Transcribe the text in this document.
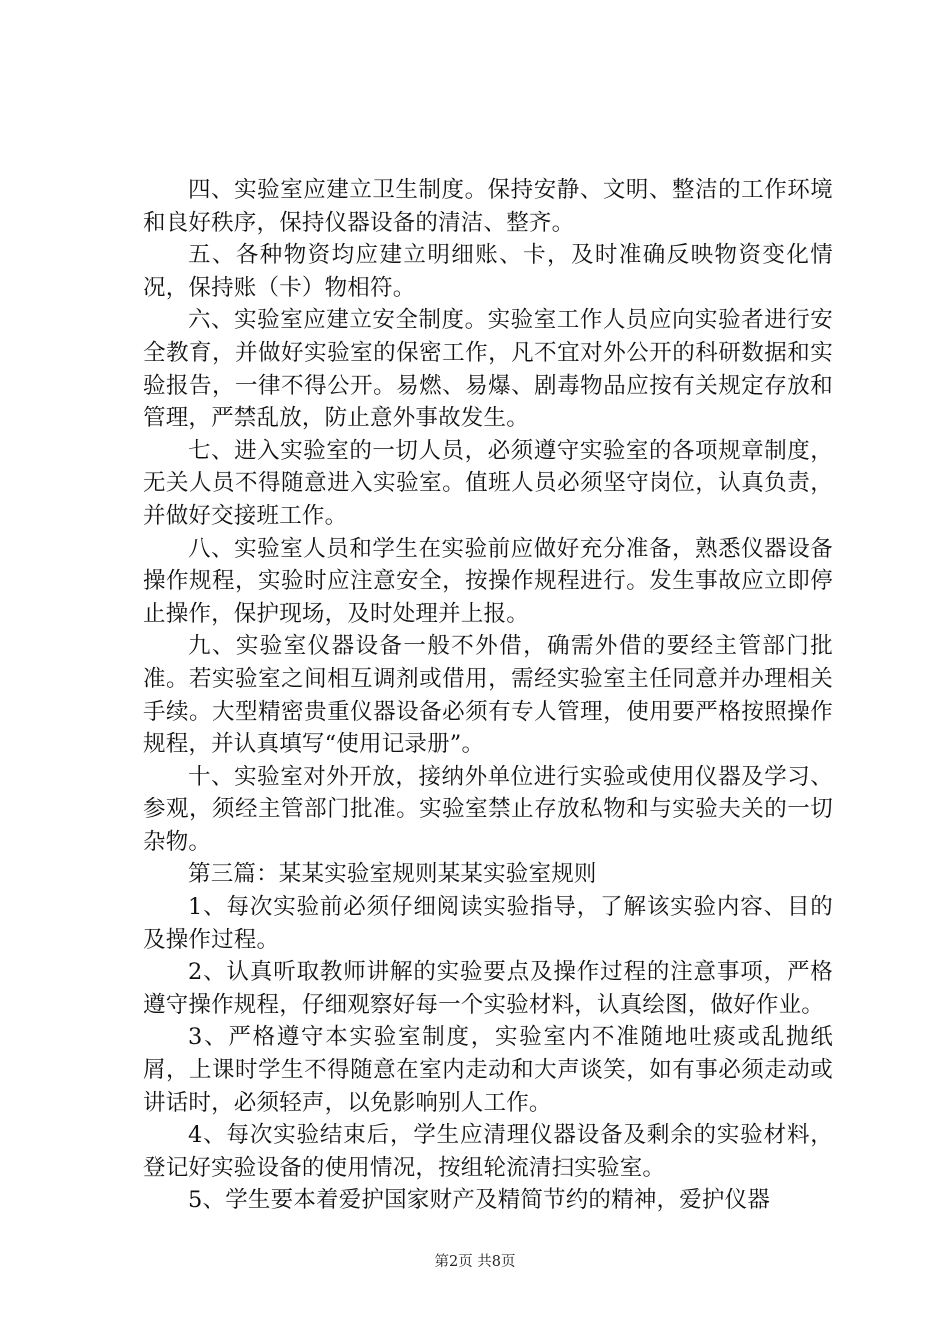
四、实验室应建立卫生制度。保持安静、文明、整洁的工作环境和良好秩序，保持仪器设备的清洁、整齐。

五、各种物资均应建立明细账、卡，及时准确反映物资变化情况，保持账（卡）物相符。

六、实验室应建立安全制度。实验室工作人员应向实验者进行安全教育，并做好实验室的保密工作，凡不宜对外公开的科研数据和实验报告，一律不得公开。易燃、易爆、剧毒物品应按有关规定存放和管理，严禁乱放，防止意外事故发生。

七、进入实验室的一切人员，必须遵守实验室的各项规章制度，无关人员不得随意进入实验室。值班人员必须坚守岗位，认真负责，并做好交接班工作。

八、实验室人员和学生在实验前应做好充分准备，熟悉仪器设备操作规程，实验时应注意安全，按操作规程进行。发生事故应立即停止操作，保护现场，及时处理并上报。

九、实验室仪器设备一般不外借，确需外借的要经主管部门批准。若实验室之间相互调剂或借用，需经实验室主任同意并办理相关手续。大型精密贵重仪器设备必须有专人管理，使用要严格按照操作规程，并认真填写“使用记录册”。

十、实验室对外开放，接纳外单位进行实验或使用仪器及学习、参观，须经主管部门批准。实验室禁止存放私物和与实验夫关的一切杂物。

第三篇：某某实验室规则某某实验室规则

1、每次实验前必须仔细阅读实验指导，了解该实验内容、目的及操作过程。

2、认真听取教师讲解的实验要点及操作过程的注意事项，严格遵守操作规程，仔细观察好每一个实验材料，认真绘图，做好作业。

3、严格遵守本实验室制度，实验室内不准随地吐痰或乱抛纸屑，上课时学生不得随意在室内走动和大声谈笑，如有事必须走动或讲话时，必须轻声，以免影响别人工作。

4、每次实验结束后，学生应清理仪器设备及剩余的实验材料，登记好实验设备的使用情况，按组轮流清扫实验室。

5、学生要本着爱护国家财产及精简节约的精神，爱护仪器

第2页 共8页
